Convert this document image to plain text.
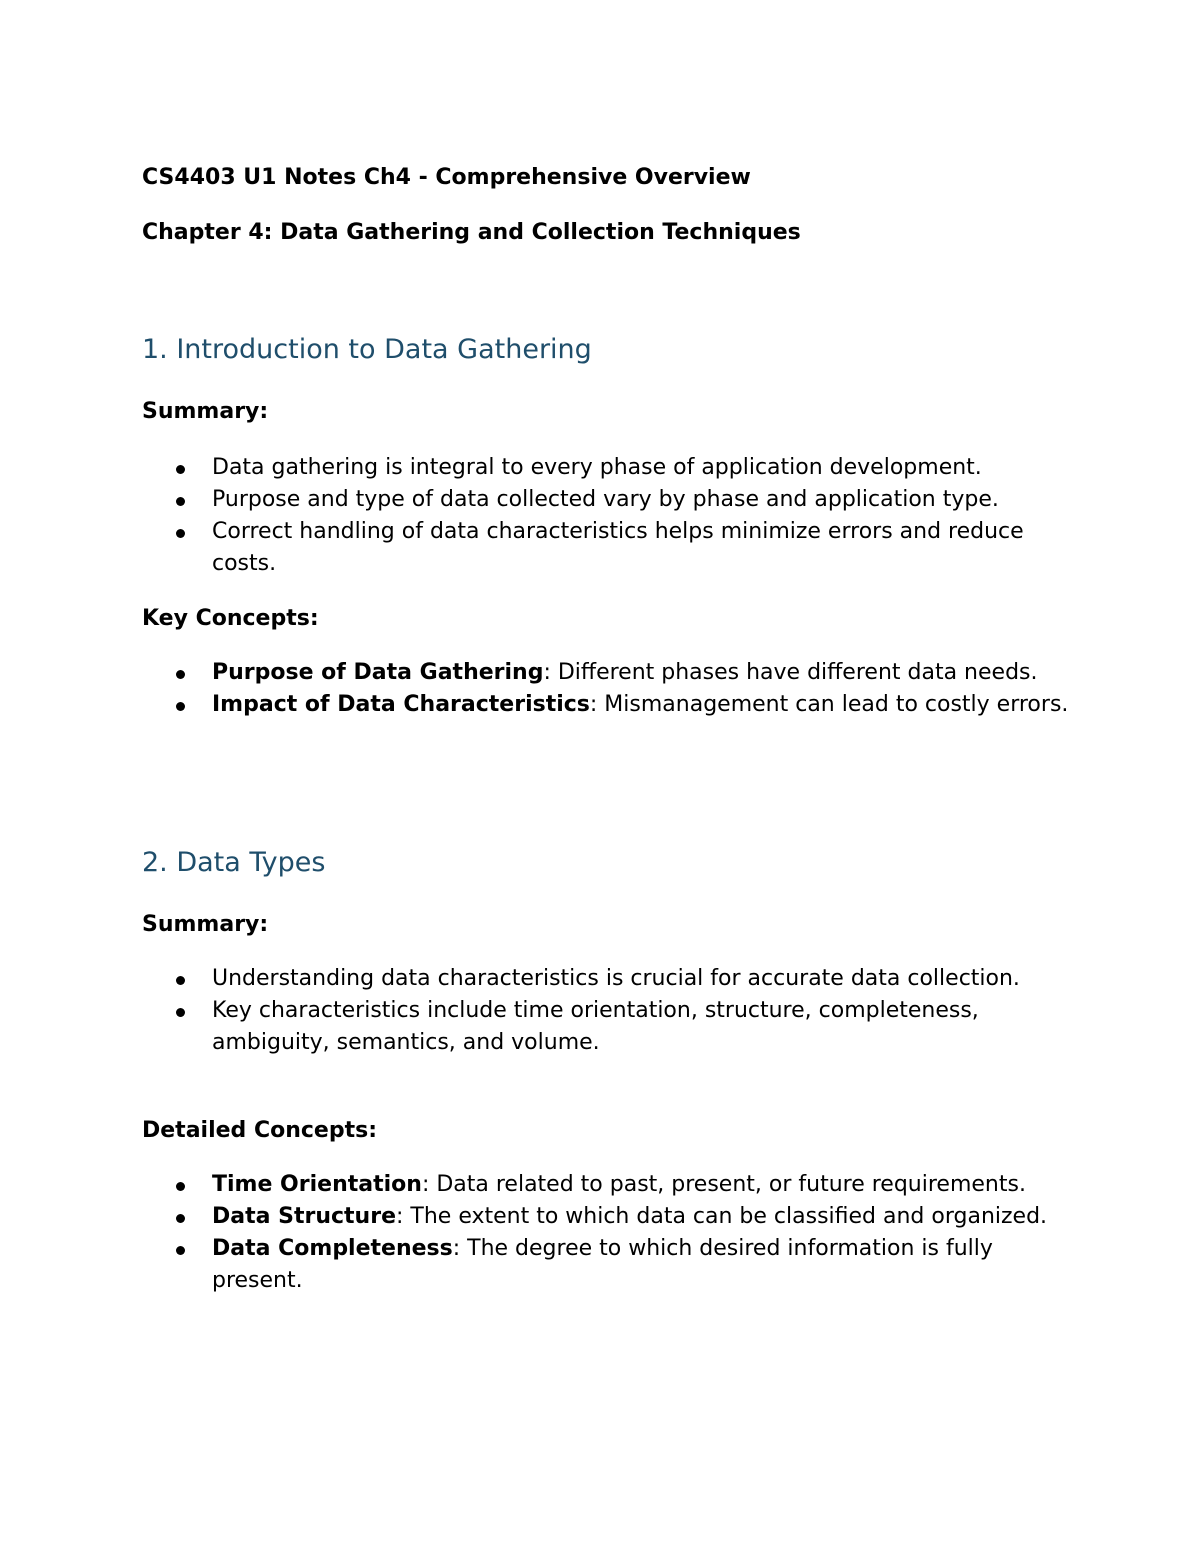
CS4403 U1 Notes Ch4 - Comprehensive Overview

Chapter 4: Data Gathering and Collection Techniques

1. Introduction to Data Gathering

Summary:

Data gathering is integral to every phase of application development.
Purpose and type of data collected vary by phase and application type.
Correct handling of data characteristics helps minimize errors and reduce costs.

Key Concepts:

Purpose of Data Gathering: Different phases have different data needs.
Impact of Data Characteristics: Mismanagement can lead to costly errors.
2. Data Types

Summary:

Understanding data characteristics is crucial for accurate data collection.
Key characteristics include time orientation, structure, completeness, ambiguity, semantics, and volume.

Detailed Concepts:

Time Orientation: Data related to past, present, or future requirements.
Data Structure: The extent to which data can be classified and organized.
Data Completeness: The degree to which desired information is fully present.
